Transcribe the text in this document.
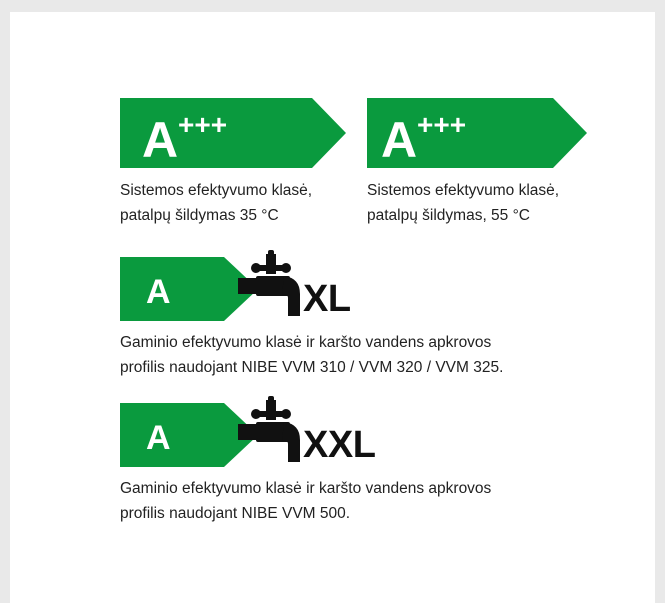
A +++

Sistemos efektyvumo klasė,
patalpų šildymas 35 °C

A +++

Sistemos efektyvumo klasė,
patalpų šildymas, 55 °C

A	XL

Gaminio efektyvumo klasė ir karšto vandens apkrovos
profilis naudojant NIBE VVM 310 / VVM 320 / VVM 325.

A	XXL

Gaminio efektyvumo klasė ir karšto vandens apkrovos
profilis naudojant NIBE VVM 500.
